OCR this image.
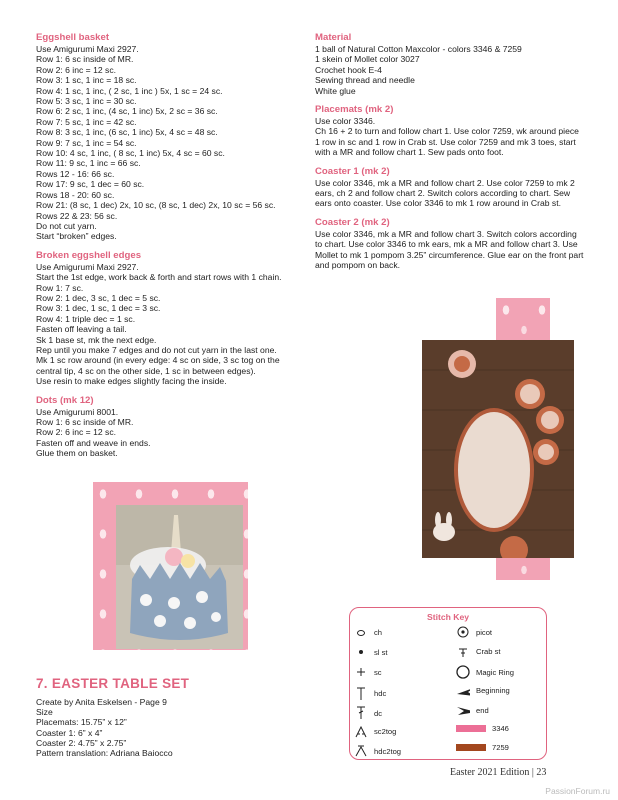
Eggshell basket
Use Amigurumi Maxi 2927.
Row 1: 6 sc inside of MR.
Row 2: 6 inc = 12 sc.
Row 3: 1 sc, 1 inc = 18 sc.
Row 4: 1 sc, 1 inc, ( 2 sc, 1 inc ) 5x, 1 sc = 24 sc.
Row 5: 3 sc, 1 inc = 30 sc.
Row 6: 2 sc, 1 inc, (4 sc, 1 inc) 5x, 2 sc = 36 sc.
Row 7: 5 sc, 1 inc = 42 sc.
Row 8: 3 sc, 1 inc, (6 sc, 1 inc) 5x, 4 sc = 48 sc.
Row 9: 7 sc, 1 inc = 54 sc.
Row 10: 4 sc, 1 inc, ( 8 sc, 1 inc) 5x, 4 sc = 60 sc.
Row 11: 9 sc, 1 inc = 66 sc.
Rows 12 - 16: 66 sc.
Row 17: 9 sc, 1 dec = 60 sc.
Rows 18 - 20: 60 sc.
Row 21: (8 sc, 1 dec) 2x, 10 sc, (8 sc, 1 dec) 2x, 10 sc = 56 sc.
Rows 22 & 23: 56 sc.
Do not cut yarn.
Start “broken” edges.
Broken eggshell edges
Use Amigurumi Maxi 2927.
Start the 1st edge, work back & forth and start rows with 1 chain.
Row 1: 7 sc.
Row 2: 1 dec, 3 sc, 1 dec = 5 sc.
Row 3: 1 dec, 1 sc, 1 dec = 3 sc.
Row 4: 1 triple dec = 1 sc.
Fasten off leaving a tail.
Sk 1 base st, mk the next edge.
Rep until you make 7 edges and do not cut yarn in the last one.
Mk 1 sc row around (in every edge: 4 sc on side, 3 sc tog on the central tip, 4 sc on the other side, 1 sc in between edges).
Use resin to make edges slightly facing the inside.
Dots (mk 12)
Use Amigurumi 8001.
Row 1: 6 sc inside of MR.
Row 2: 6 inc = 12 sc.
Fasten off and weave in ends.
Glue them on basket.
Material
1 ball of Natural Cotton Maxcolor - colors 3346 & 7259
1 skein of Mollet color 3027
Crochet hook E-4
Sewing thread and needle
White glue
Placemats (mk 2)
Use color 3346.
Ch 16 + 2 to turn and follow chart 1. Use color 7259, wk around piece 1 row in sc and 1 row in Crab st. Use color 7259 and mk 3 toes, start with a MR and follow chart 1. Sew pads onto foot.
Coaster 1 (mk 2)
Use color 3346, mk a MR and follow chart 2. Use color 7259 to mk 2 ears, ch 2 and follow chart 2. Switch colors according to chart. Sew ears onto coaster. Use color 3346 to mk 1 row around in Crab st.
Coaster 2 (mk 2)
Use color 3346, mk a MR and follow chart 3. Switch colors according to chart. Use color 3346 to mk ears, mk a MR and follow chart 3. Use Mollet to mk 1 pompom 3.25” circumference. Glue ear on the front part and pompom on back.
7. EASTER TABLE SET
Create by Anita Eskelsen - Page 9
Size
Placemats: 15.75” x 12”
Coaster 1: 6” x 4”
Coaster 2: 4.75” x 2.75”
Pattern translation: Adriana Baiocco
Stitch Key
ch
sl st
sc
hdc
dc
sc2tog
hdc2tog
picot
Crab st
Magic Ring
Beginning
end
3346
7259
Easter 2021 Edition | 23
PassionForum.ru
